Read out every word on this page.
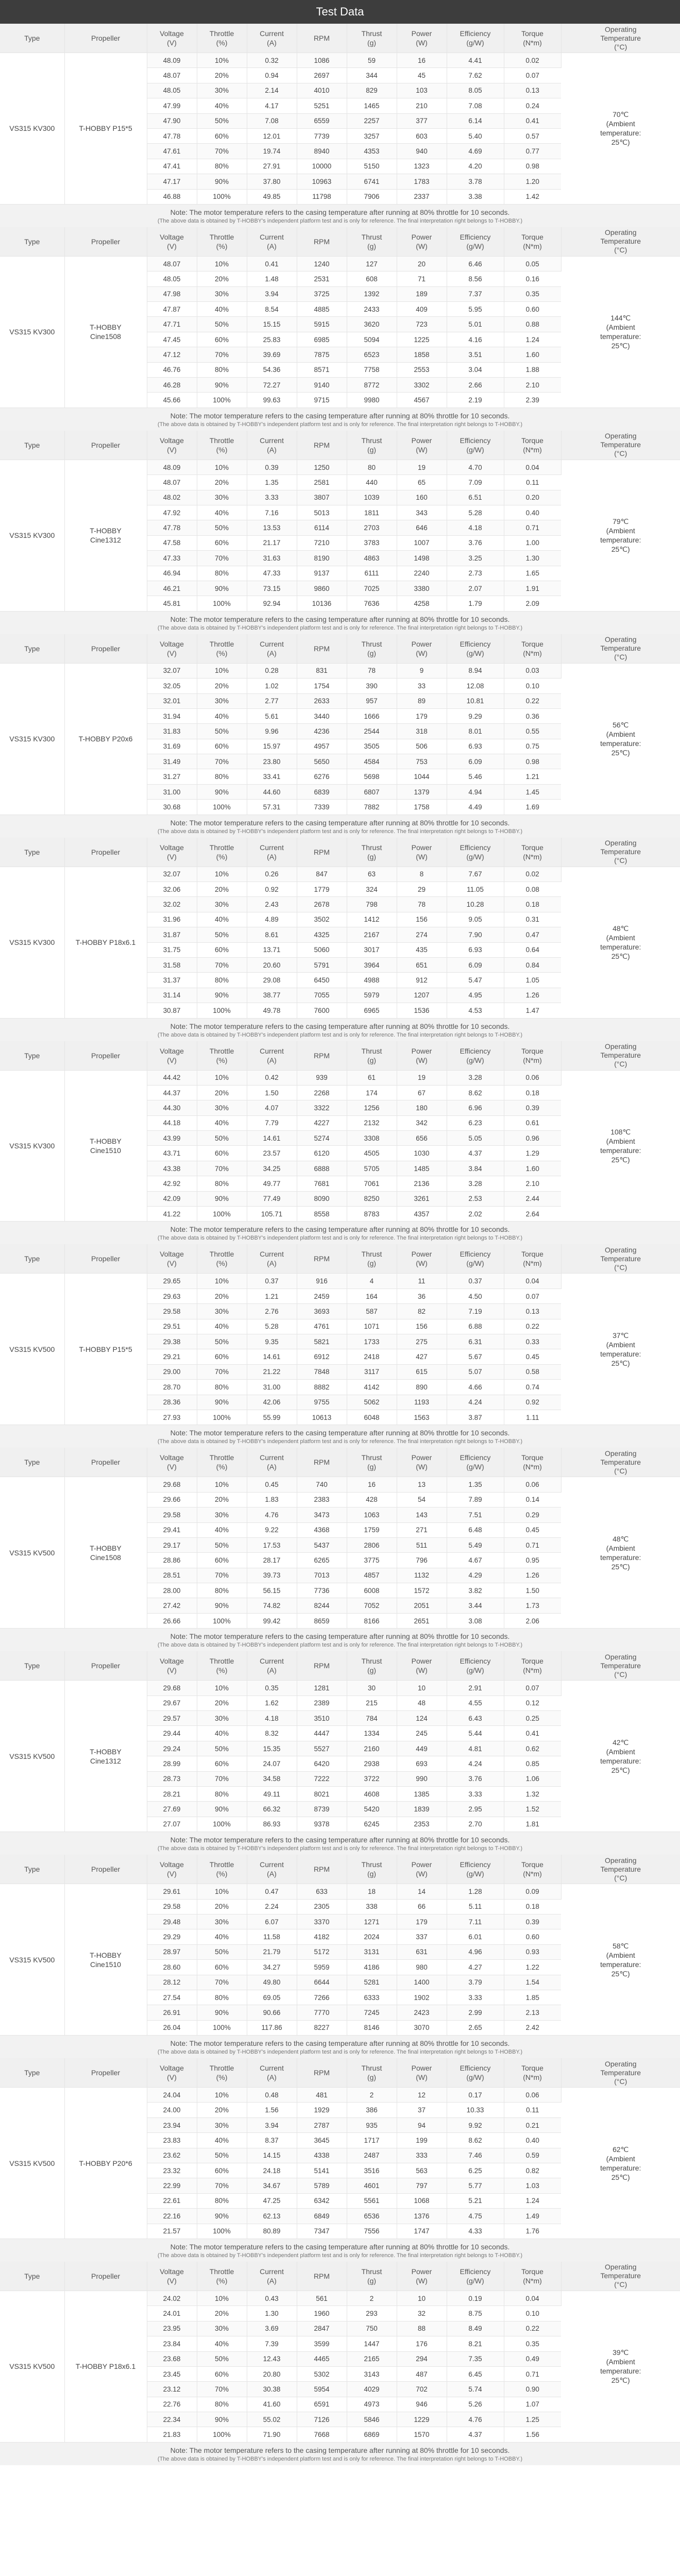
Test Data
Type	Propeller	Voltage
(V)	Throttle
(%)	Current
(A)	RPM	Thrust
(g)	Power
(W)	Efficiency
(g/W)	Torque
(N*m)	Operating
Temperature
(°C)
VS315 KV300	T-HOBBY P15*5	48.09	10%	0.32	1086	59	16	4.41	0.02	70℃
(Ambient
temperature:
25℃)
		48.07	20%	0.94	2697	344	45	7.62	0.07	
		48.05	30%	2.14	4010	829	103	8.05	0.13	
		47.99	40%	4.17	5251	1465	210	7.08	0.24	
		47.90	50%	7.08	6559	2257	377	6.14	0.41	
		47.78	60%	12.01	7739	3257	603	5.40	0.57	
		47.61	70%	19.74	8940	4353	940	4.69	0.77	
		47.41	80%	27.91	10000	5150	1323	4.20	0.98	
		47.17	90%	37.80	10963	6741	1783	3.78	1.20	
		46.88	100%	49.85	11798	7906	2337	3.38	1.42	
Note: The motor temperature refers to the casing temperature after running at 80% throttle for 10 seconds.
(The above data is obtained by T-HOBBY's independent platform test and is only for reference. The final interpretation right belongs to T-HOBBY.)
Type	Propeller	Voltage
(V)	Throttle
(%)	Current
(A)	RPM	Thrust
(g)	Power
(W)	Efficiency
(g/W)	Torque
(N*m)	Operating
Temperature
(°C)
VS315 KV300	T-HOBBY
Cine1508	48.07	10%	0.41	1240	127	20	6.46	0.05	144℃
(Ambient
temperature:
25℃)
		48.05	20%	1.48	2531	608	71	8.56	0.16	
		47.98	30%	3.94	3725	1392	189	7.37	0.35	
		47.87	40%	8.54	4885	2433	409	5.95	0.60	
		47.71	50%	15.15	5915	3620	723	5.01	0.88	
		47.45	60%	25.83	6985	5094	1225	4.16	1.24	
		47.12	70%	39.69	7875	6523	1858	3.51	1.60	
		46.76	80%	54.36	8571	7758	2553	3.04	1.88	
		46.28	90%	72.27	9140	8772	3302	2.66	2.10	
		45.66	100%	99.63	9715	9980	4567	2.19	2.39	
Note: The motor temperature refers to the casing temperature after running at 80% throttle for 10 seconds.
(The above data is obtained by T-HOBBY's independent platform test and is only for reference. The final interpretation right belongs to T-HOBBY.)
Type	Propeller	Voltage
(V)	Throttle
(%)	Current
(A)	RPM	Thrust
(g)	Power
(W)	Efficiency
(g/W)	Torque
(N*m)	Operating
Temperature
(°C)
VS315 KV300	T-HOBBY
Cine1312	48.09	10%	0.39	1250	80	19	4.70	0.04	79℃
(Ambient
temperature:
25℃)
		48.07	20%	1.35	2581	440	65	7.09	0.11	
		48.02	30%	3.33	3807	1039	160	6.51	0.20	
		47.92	40%	7.16	5013	1811	343	5.28	0.40	
		47.78	50%	13.53	6114	2703	646	4.18	0.71	
		47.58	60%	21.17	7210	3783	1007	3.76	1.00	
		47.33	70%	31.63	8190	4863	1498	3.25	1.30	
		46.94	80%	47.33	9137	6111	2240	2.73	1.65	
		46.21	90%	73.15	9860	7025	3380	2.07	1.91	
		45.81	100%	92.94	10136	7636	4258	1.79	2.09	
Note: The motor temperature refers to the casing temperature after running at 80% throttle for 10 seconds.
(The above data is obtained by T-HOBBY's independent platform test and is only for reference. The final interpretation right belongs to T-HOBBY.)
Type	Propeller	Voltage
(V)	Throttle
(%)	Current
(A)	RPM	Thrust
(g)	Power
(W)	Efficiency
(g/W)	Torque
(N*m)	Operating
Temperature
(°C)
VS315 KV300	T-HOBBY P20x6	32.07	10%	0.28	831	78	9	8.94	0.03	56℃
(Ambient
temperature:
25℃)
		32.05	20%	1.02	1754	390	33	12.08	0.10	
		32.01	30%	2.77	2633	957	89	10.81	0.22	
		31.94	40%	5.61	3440	1666	179	9.29	0.36	
		31.83	50%	9.96	4236	2544	318	8.01	0.55	
		31.69	60%	15.97	4957	3505	506	6.93	0.75	
		31.49	70%	23.80	5650	4584	753	6.09	0.98	
		31.27	80%	33.41	6276	5698	1044	5.46	1.21	
		31.00	90%	44.60	6839	6807	1379	4.94	1.45	
		30.68	100%	57.31	7339	7882	1758	4.49	1.69	
Note: The motor temperature refers to the casing temperature after running at 80% throttle for 10 seconds.
(The above data is obtained by T-HOBBY's independent platform test and is only for reference. The final interpretation right belongs to T-HOBBY.)
Type	Propeller	Voltage
(V)	Throttle
(%)	Current
(A)	RPM	Thrust
(g)	Power
(W)	Efficiency
(g/W)	Torque
(N*m)	Operating
Temperature
(°C)
VS315 KV300	T-HOBBY P18x6.1	32.07	10%	0.26	847	63	8	7.67	0.02	48℃
(Ambient
temperature:
25℃)
		32.06	20%	0.92	1779	324	29	11.05	0.08	
		32.02	30%	2.43	2678	798	78	10.28	0.18	
		31.96	40%	4.89	3502	1412	156	9.05	0.31	
		31.87	50%	8.61	4325	2167	274	7.90	0.47	
		31.75	60%	13.71	5060	3017	435	6.93	0.64	
		31.58	70%	20.60	5791	3964	651	6.09	0.84	
		31.37	80%	29.08	6450	4988	912	5.47	1.05	
		31.14	90%	38.77	7055	5979	1207	4.95	1.26	
		30.87	100%	49.78	7600	6965	1536	4.53	1.47	
Note: The motor temperature refers to the casing temperature after running at 80% throttle for 10 seconds.
(The above data is obtained by T-HOBBY's independent platform test and is only for reference. The final interpretation right belongs to T-HOBBY.)
Type	Propeller	Voltage
(V)	Throttle
(%)	Current
(A)	RPM	Thrust
(g)	Power
(W)	Efficiency
(g/W)	Torque
(N*m)	Operating
Temperature
(°C)
VS315 KV300	T-HOBBY
Cine1510	44.42	10%	0.42	939	61	19	3.28	0.06	108℃
(Ambient
temperature:
25℃)
		44.37	20%	1.50	2268	174	67	8.62	0.18	
		44.30	30%	4.07	3322	1256	180	6.96	0.39	
		44.18	40%	7.79	4227	2132	342	6.23	0.61	
		43.99	50%	14.61	5274	3308	656	5.05	0.96	
		43.71	60%	23.57	6120	4505	1030	4.37	1.29	
		43.38	70%	34.25	6888	5705	1485	3.84	1.60	
		42.92	80%	49.77	7681	7061	2136	3.28	2.10	
		42.09	90%	77.49	8090	8250	3261	2.53	2.44	
		41.22	100%	105.71	8558	8783	4357	2.02	2.64	
Note: The motor temperature refers to the casing temperature after running at 80% throttle for 10 seconds.
(The above data is obtained by T-HOBBY's independent platform test and is only for reference. The final interpretation right belongs to T-HOBBY.)
Type	Propeller	Voltage
(V)	Throttle
(%)	Current
(A)	RPM	Thrust
(g)	Power
(W)	Efficiency
(g/W)	Torque
(N*m)	Operating
Temperature
(°C)
VS315 KV500	T-HOBBY P15*5	29.65	10%	0.37	916	4	11	0.37	0.04	37℃
(Ambient
temperature:
25℃)
		29.63	20%	1.21	2459	164	36	4.50	0.07	
		29.58	30%	2.76	3693	587	82	7.19	0.13	
		29.51	40%	5.28	4761	1071	156	6.88	0.22	
		29.38	50%	9.35	5821	1733	275	6.31	0.33	
		29.21	60%	14.61	6912	2418	427	5.67	0.45	
		29.00	70%	21.22	7848	3117	615	5.07	0.58	
		28.70	80%	31.00	8882	4142	890	4.66	0.74	
		28.36	90%	42.06	9755	5062	1193	4.24	0.92	
		27.93	100%	55.99	10613	6048	1563	3.87	1.11	
Note: The motor temperature refers to the casing temperature after running at 80% throttle for 10 seconds.
(The above data is obtained by T-HOBBY's independent platform test and is only for reference. The final interpretation right belongs to T-HOBBY.)
Type	Propeller	Voltage
(V)	Throttle
(%)	Current
(A)	RPM	Thrust
(g)	Power
(W)	Efficiency
(g/W)	Torque
(N*m)	Operating
Temperature
(°C)
VS315 KV500	T-HOBBY
Cine1508	29.68	10%	0.45	740	16	13	1.35	0.06	48℃
(Ambient
temperature:
25℃)
		29.66	20%	1.83	2383	428	54	7.89	0.14	
		29.58	30%	4.76	3473	1063	143	7.51	0.29	
		29.41	40%	9.22	4368	1759	271	6.48	0.45	
		29.17	50%	17.53	5437	2806	511	5.49	0.71	
		28.86	60%	28.17	6265	3775	796	4.67	0.95	
		28.51	70%	39.73	7013	4857	1132	4.29	1.26	
		28.00	80%	56.15	7736	6008	1572	3.82	1.50	
		27.42	90%	74.82	8244	7052	2051	3.44	1.73	
		26.66	100%	99.42	8659	8166	2651	3.08	2.06	
Note: The motor temperature refers to the casing temperature after running at 80% throttle for 10 seconds.
(The above data is obtained by T-HOBBY's independent platform test and is only for reference. The final interpretation right belongs to T-HOBBY.)
Type	Propeller	Voltage
(V)	Throttle
(%)	Current
(A)	RPM	Thrust
(g)	Power
(W)	Efficiency
(g/W)	Torque
(N*m)	Operating
Temperature
(°C)
VS315 KV500	T-HOBBY
Cine1312	29.68	10%	0.35	1281	30	10	2.91	0.07	42℃
(Ambient
temperature:
25℃)
		29.67	20%	1.62	2389	215	48	4.55	0.12	
		29.57	30%	4.18	3510	784	124	6.43	0.25	
		29.44	40%	8.32	4447	1334	245	5.44	0.41	
		29.24	50%	15.35	5527	2160	449	4.81	0.62	
		28.99	60%	24.07	6420	2938	693	4.24	0.85	
		28.73	70%	34.58	7222	3722	990	3.76	1.06	
		28.21	80%	49.11	8021	4608	1385	3.33	1.32	
		27.69	90%	66.32	8739	5420	1839	2.95	1.52	
		27.07	100%	86.93	9378	6245	2353	2.70	1.81	
Note: The motor temperature refers to the casing temperature after running at 80% throttle for 10 seconds.
(The above data is obtained by T-HOBBY's independent platform test and is only for reference. The final interpretation right belongs to T-HOBBY.)
Type	Propeller	Voltage
(V)	Throttle
(%)	Current
(A)	RPM	Thrust
(g)	Power
(W)	Efficiency
(g/W)	Torque
(N*m)	Operating
Temperature
(°C)
VS315 KV500	T-HOBBY
Cine1510	29.61	10%	0.47	633	18	14	1.28	0.09	58℃
(Ambient
temperature:
25℃)
		29.58	20%	2.24	2305	338	66	5.11	0.18	
		29.48	30%	6.07	3370	1271	179	7.11	0.39	
		29.29	40%	11.58	4182	2024	337	6.01	0.60	
		28.97	50%	21.79	5172	3131	631	4.96	0.93	
		28.60	60%	34.27	5959	4186	980	4.27	1.22	
		28.12	70%	49.80	6644	5281	1400	3.79	1.54	
		27.54	80%	69.05	7266	6333	1902	3.33	1.85	
		26.91	90%	90.66	7770	7245	2423	2.99	2.13	
		26.04	100%	117.86	8227	8146	3070	2.65	2.42	
Note: The motor temperature refers to the casing temperature after running at 80% throttle for 10 seconds.
(The above data is obtained by T-HOBBY's independent platform test and is only for reference. The final interpretation right belongs to T-HOBBY.)
Type	Propeller	Voltage
(V)	Throttle
(%)	Current
(A)	RPM	Thrust
(g)	Power
(W)	Efficiency
(g/W)	Torque
(N*m)	Operating
Temperature
(°C)
VS315 KV500	T-HOBBY P20*6	24.04	10%	0.48	481	2	12	0.17	0.06	62℃
(Ambient
temperature:
25℃)
		24.00	20%	1.56	1929	386	37	10.33	0.11	
		23.94	30%	3.94	2787	935	94	9.92	0.21	
		23.83	40%	8.37	3645	1717	199	8.62	0.40	
		23.62	50%	14.15	4338	2487	333	7.46	0.59	
		23.32	60%	24.18	5141	3516	563	6.25	0.82	
		22.99	70%	34.67	5789	4601	797	5.77	1.03	
		22.61	80%	47.25	6342	5561	1068	5.21	1.24	
		22.16	90%	62.13	6849	6536	1376	4.75	1.49	
		21.57	100%	80.89	7347	7556	1747	4.33	1.76	
Note: The motor temperature refers to the casing temperature after running at 80% throttle for 10 seconds.
(The above data is obtained by T-HOBBY's independent platform test and is only for reference. The final interpretation right belongs to T-HOBBY.)
Type	Propeller	Voltage
(V)	Throttle
(%)	Current
(A)	RPM	Thrust
(g)	Power
(W)	Efficiency
(g/W)	Torque
(N*m)	Operating
Temperature
(°C)
VS315 KV500	T-HOBBY P18x6.1	24.02	10%	0.43	561	2	10	0.19	0.04	39℃
(Ambient
temperature:
25℃)
		24.01	20%	1.30	1960	293	32	8.75	0.10	
		23.95	30%	3.69	2847	750	88	8.49	0.22	
		23.84	40%	7.39	3599	1447	176	8.21	0.35	
		23.68	50%	12.43	4465	2165	294	7.35	0.49	
		23.45	60%	20.80	5302	3143	487	6.45	0.71	
		23.12	70%	30.38	5954	4029	702	5.74	0.90	
		22.76	80%	41.60	6591	4973	946	5.26	1.07	
		22.34	90%	55.02	7126	5846	1229	4.76	1.25	
		21.83	100%	71.90	7668	6869	1570	4.37	1.56	
Note: The motor temperature refers to the casing temperature after running at 80% throttle for 10 seconds.
(The above data is obtained by T-HOBBY's independent platform test and is only for reference. The final interpretation right belongs to T-HOBBY.)
